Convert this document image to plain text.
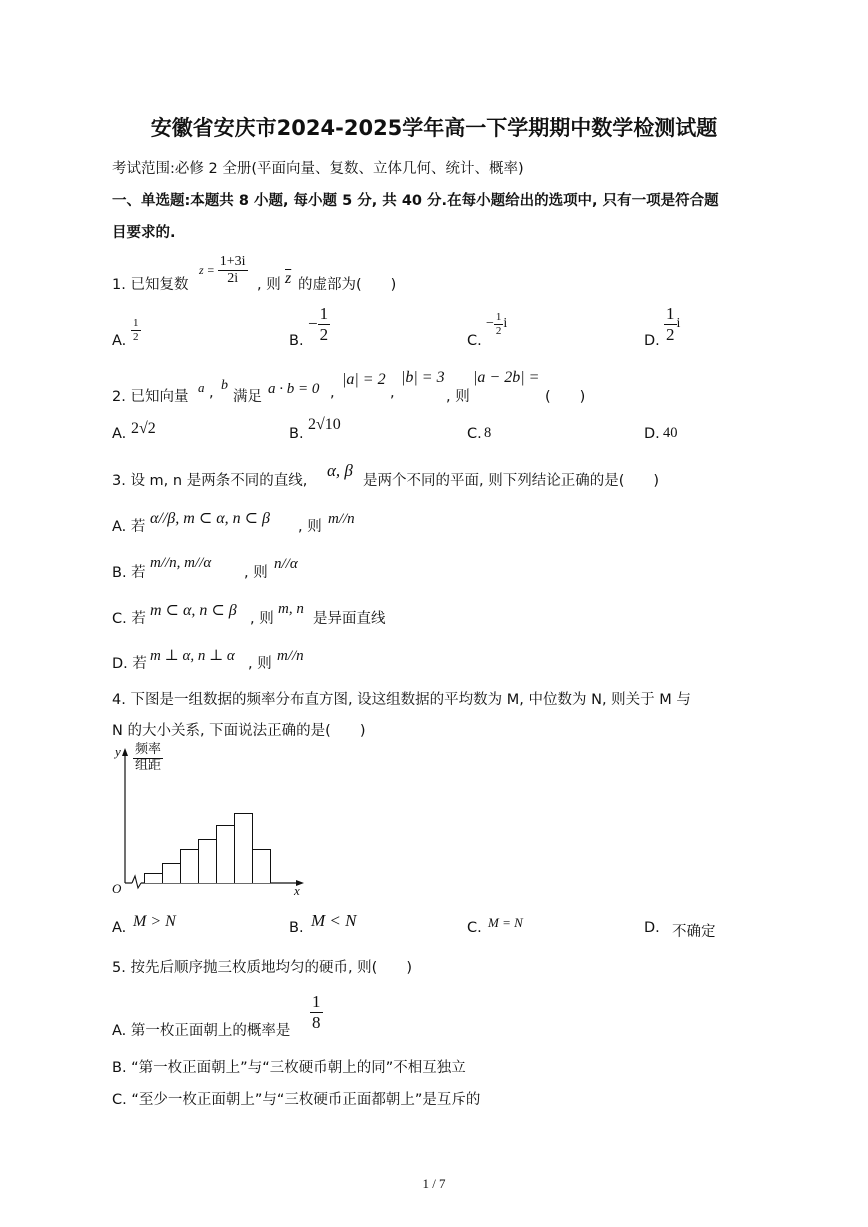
安徽省安庆市2024-2025学年高一下学期期中数学检测试题
考试范围:必修 2 全册(平面向量、复数、立体几何、统计、概率)
一、单选题:本题共 8 小题, 每小题 5 分, 共 40 分.在每小题给出的选项中, 只有一项是符合题
目要求的.
1. 已知复数
$z = \frac{1+3i}{2i}$ , 则 $\overline{z}$ 的虚部为(　　)
A. $\frac{1}{2}$	B.
− $\frac{1}{2}$	C.
− $\frac{1}{2}$ i
D. $\frac{1}{2}$ i
2. 已知向量
a , b
满足 a · b = 0 ,
|a| = 2
,
|b| = 3
, 则
|a − 2b| =
(　　)
A. 2√2	B.
2√10
C. 8	D. 40
3. 设 m, n 是两条不同的直线,
α, β
是两个不同的平面, 则下列结论正确的是(　　)
A. 若 α//β, m ⊂ α, n ⊂ β , 则 m//n
B. 若
m//n, m//α
, 则
n//α
C. 若 m ⊂ α, n ⊂ β , 则
m, n
是异面直线
D. 若 m ⊥ α, n ⊥ α , 则 m//n
4. 下图是一组数据的频率分布直方图, 设这组数据的平均数为 M, 中位数为 N, 则关于 M 与
N 的大小关系, 下面说法正确的是(　　)
y 频率
组距
O	x
A. M > N	B. M < N	C. M = N	D. 不确定
5. 按先后顺序抛三枚质地均匀的硬币, 则(　　)
A. 第一枚正面朝上的概率是 $\frac{1}{8}$
B. “第一枚正面朝上”与“三枚硬币朝上的同”不相互独立
C. “至少一枚正面朝上”与“三枚硬币正面都朝上”是互斥的
1 / 7
